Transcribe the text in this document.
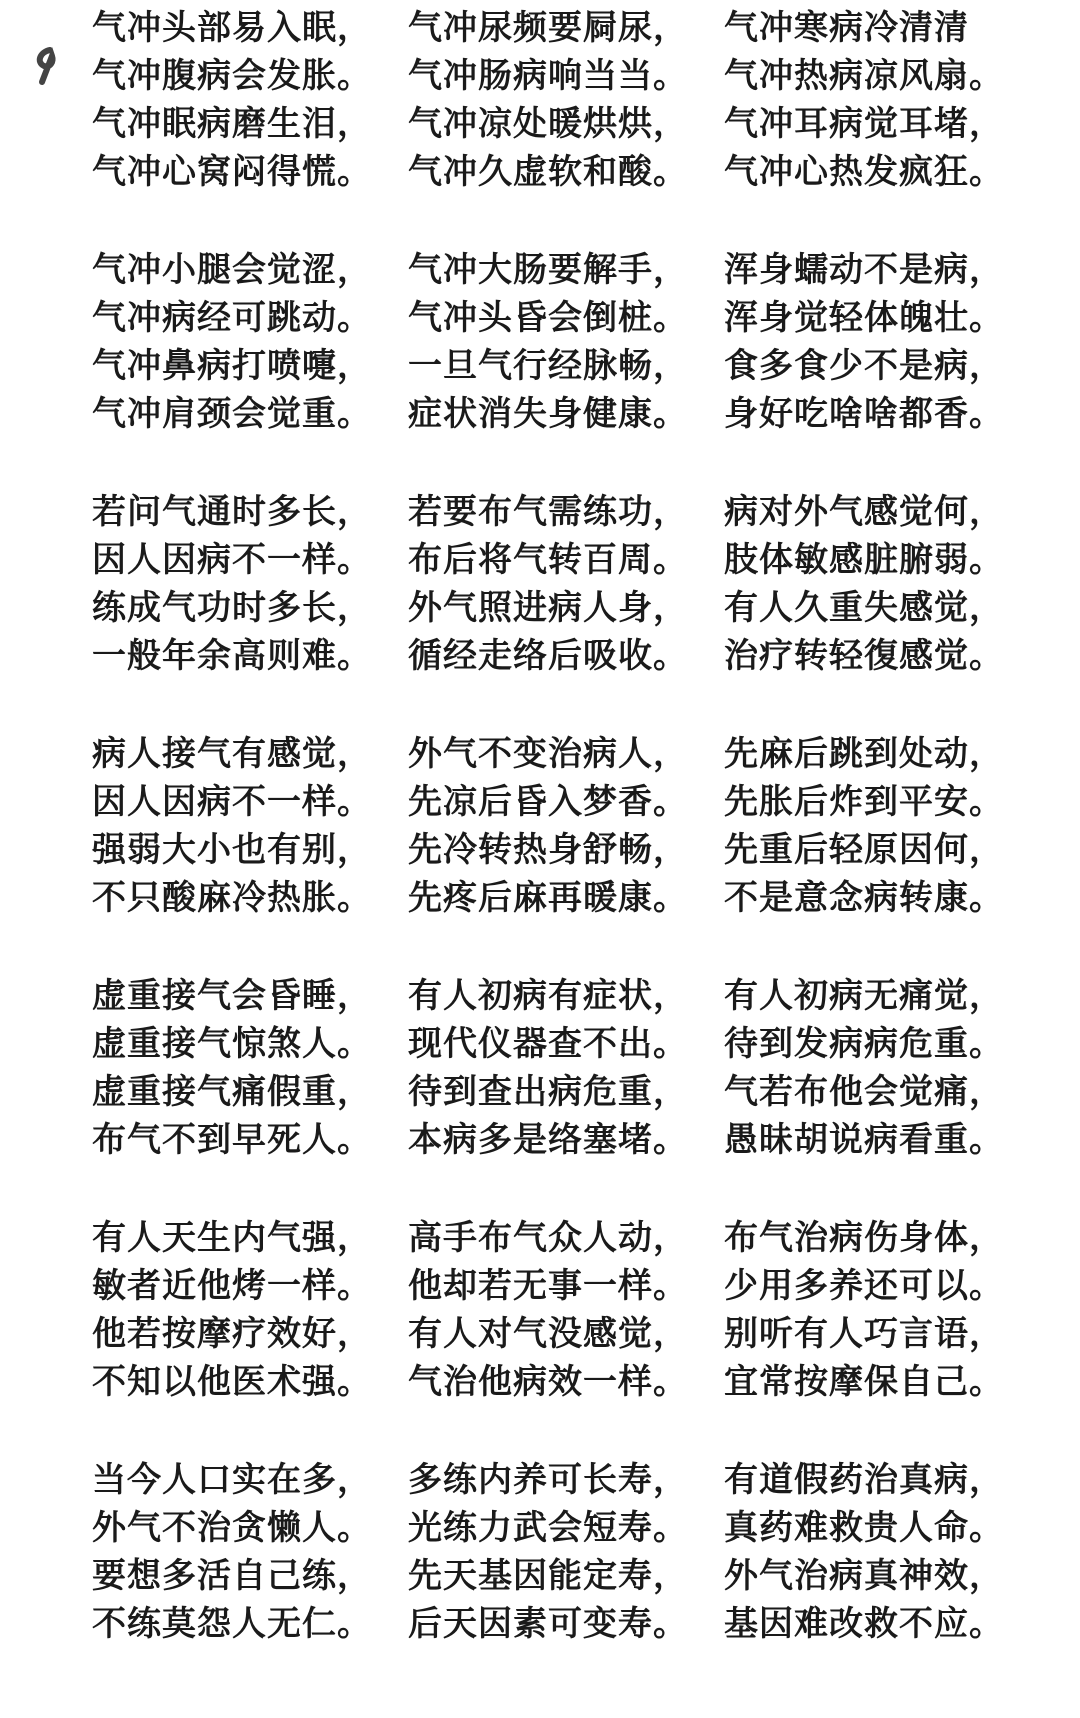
气冲头部易入眠，
气冲腹病会发胀。
气冲眠病磨生泪，
气冲心窝闷得慌。
气冲尿频要屙尿，
气冲肠病响当当。
气冲凉处暖烘烘，
气冲久虚软和酸。
气冲寒病冷清清
气冲热病凉风扇。
气冲耳病觉耳堵，
气冲心热发疯狂。
气冲小腿会觉涩，
气冲病经可跳动。
气冲鼻病打喷嚏，
气冲肩颈会觉重。
气冲大肠要解手，
气冲头昏会倒桩。
一旦气行经脉畅，
症状消失身健康。
浑身蠕动不是病，
浑身觉轻体魄壮。
食多食少不是病，
身好吃啥啥都香。
若问气通时多长，
因人因病不一样。
练成气功时多长，
一般年余高则难。
若要布气需练功，
布后将气转百周。
外气照进病人身，
循经走络后吸收。
病对外气感觉何，
肢体敏感脏腑弱。
有人久重失感觉，
治疗转轻復感觉。
病人接气有感觉，
因人因病不一样。
强弱大小也有别，
不只酸麻冷热胀。
外气不变治病人，
先凉后昏入梦香。
先冷转热身舒畅，
先疼后麻再暖康。
先麻后跳到处动，
先胀后炸到平安。
先重后轻原因何，
不是意念病转康。
虚重接气会昏睡，
虚重接气惊煞人。
虚重接气痛假重，
布气不到早死人。
有人初病有症状，
现代仪器查不出。
待到查出病危重，
本病多是络塞堵。
有人初病无痛觉，
待到发病病危重。
气若布他会觉痛，
愚昧胡说病看重。
有人天生内气强，
敏者近他烤一样。
他若按摩疗效好，
不知以他医术强。
高手布气众人动，
他却若无事一样。
有人对气没感觉，
气治他病效一样。
布气治病伤身体，
少用多养还可以。
别听有人巧言语，
宜常按摩保自己。
当今人口实在多，
外气不治贪懒人。
要想多活自己练，
不练莫怨人无仁。
多练内养可长寿，
光练力武会短寿。
先天基因能定寿，
后天因素可变寿。
有道假药治真病，
真药难救贵人命。
外气治病真神效，
基因难改救不应。
